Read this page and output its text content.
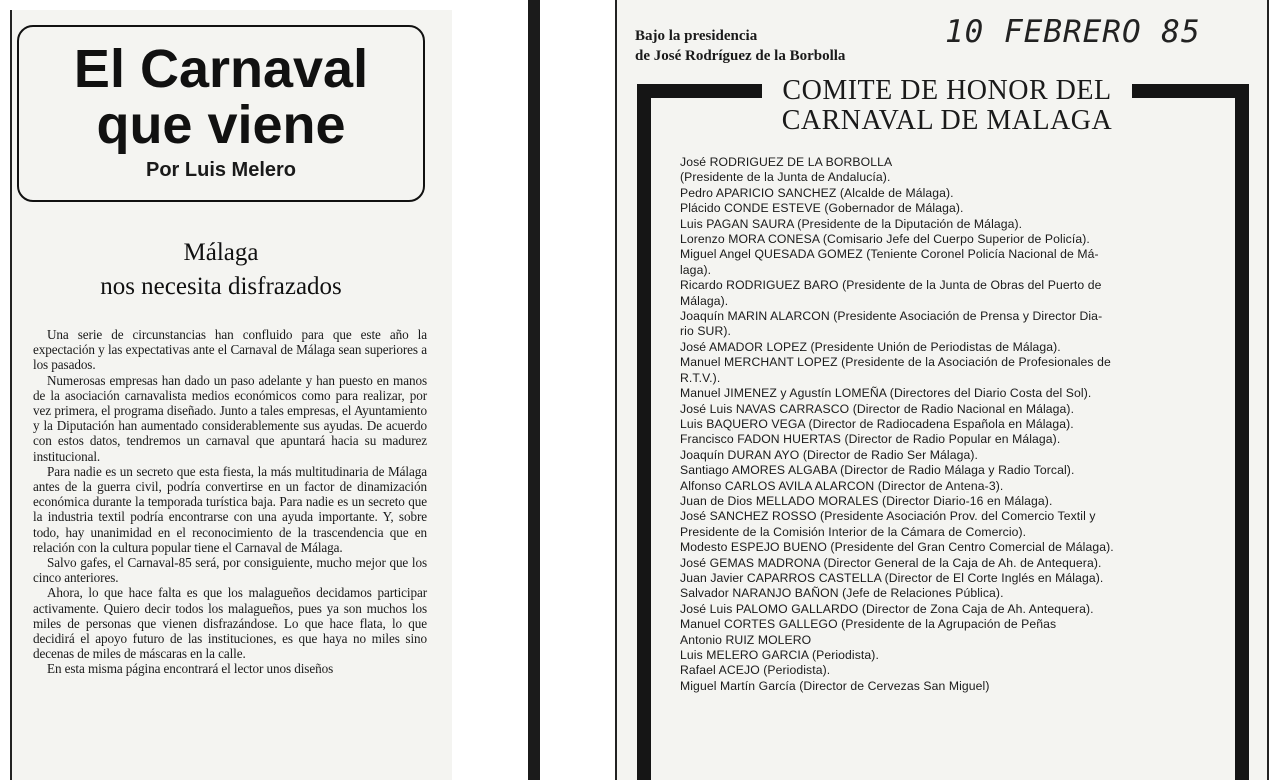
El Carnaval
que viene
Por Luis Melero
Málaga
nos necesita disfrazados

Una serie de circunstancias han confluido para que este año la expectación y las expectativas ante el Carnaval de Málaga sean superiores a los pasados.

Numerosas empresas han dado un paso adelante y han puesto en manos de la asociación carnavalista medios económicos como para realizar, por vez primera, el programa diseñado. Junto a tales empresas, el Ayuntamiento y la Diputación han aumentado considerablemente sus ayudas. De acuerdo con estos datos, tendremos un carnaval que apuntará hacia su madurez institucional.

Para nadie es un secreto que esta fiesta, la más multitudinaria de Málaga antes de la guerra civil, podría convertirse en un factor de dinamización económica durante la temporada turística baja. Para nadie es un secreto que la industria textil podría encontrarse con una ayuda importante. Y, sobre todo, hay unanimidad en el reconocimiento de la trascendencia que en relación con la cultura popular tiene el Carnaval de Málaga.

Salvo gafes, el Carnaval-85 será, por consiguiente, mucho mejor que los cinco anteriores.

Ahora, lo que hace falta es que los malagueños decidamos participar activamente. Quiero decir todos los malagueños, pues ya son muchos los miles de personas que vienen disfrazándose. Lo que hace flata, lo que decidirá el apoyo futuro de las instituciones, es que haya no miles sino decenas de miles de máscaras en la calle.

En esta misma página encontrará el lector unos diseños

Bajo la presidencia
de José Rodríguez de la Borbolla
10 FEBRERO 85
COMITE DE HONOR DEL
CARNAVAL DE MALAGA
José RODRIGUEZ DE LA BORBOLLA
(Presidente de la Junta de Andalucía).
Pedro APARICIO SANCHEZ (Alcalde de Málaga).
Plácido CONDE ESTEVE (Gobernador de Málaga).
Luis PAGAN SAURA (Presidente de la Diputación de Málaga).
Lorenzo MORA CONESA (Comisario Jefe del Cuerpo Superior de Policía).
Miguel Angel QUESADA GOMEZ (Teniente Coronel Policía Nacional de Má-
laga).
Ricardo RODRIGUEZ BARO (Presidente de la Junta de Obras del Puerto de
Málaga).
Joaquín MARIN ALARCON (Presidente Asociación de Prensa y Director Dia-
rio SUR).
José AMADOR LOPEZ (Presidente Unión de Periodistas de Málaga).
Manuel MERCHANT LOPEZ (Presidente de la Asociación de Profesionales de
R.T.V.).
Manuel JIMENEZ y Agustín LOMEÑA (Directores del Diario Costa del Sol).
José Luis NAVAS CARRASCO (Director de Radio Nacional en Málaga).
Luis BAQUERO VEGA (Director de Radiocadena Española en Málaga).
Francisco FADON HUERTAS (Director de Radio Popular en Málaga).
Joaquín DURAN AYO (Director de Radio Ser Málaga).
Santiago AMORES ALGABA (Director de Radio Málaga y Radio Torcal).
Alfonso CARLOS AVILA ALARCON (Director de Antena-3).
Juan de Dios MELLADO MORALES (Director Diario-16 en Málaga).
José SANCHEZ ROSSO (Presidente Asociación Prov. del Comercio Textil y
Presidente de la Comisión Interior de la Cámara de Comercio).
Modesto ESPEJO BUENO (Presidente del Gran Centro Comercial de Málaga).
José GEMAS MADRONA (Director General de la Caja de Ah. de Antequera).
Juan Javier CAPARROS CASTELLA (Director de El Corte Inglés en Málaga).
Salvador NARANJO BAÑON (Jefe de Relaciones Pública).
José Luis PALOMO GALLARDO (Director de Zona Caja de Ah. Antequera).
Manuel CORTES GALLEGO (Presidente de la Agrupación de Peñas
Antonio RUIZ MOLERO
Luis MELERO GARCIA (Periodista).
Rafael ACEJO (Periodista).
Miguel Martín García (Director de Cervezas San Miguel)
